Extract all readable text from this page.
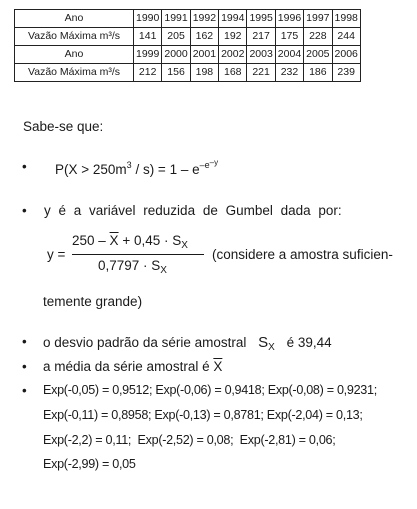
Ano	1990	1991	1992	1994	1995	1996	1997	1998
Vazão Máxima m³/s	141	205	162	192	217	175	228	244
Ano	1999	2000	2001	2002	2003	2004	2005	2006
Vazão Máxima m³/s	212	156	198	168	221	232	186	239
Sabe-se que:
• $P(X > 250m^3 / s) = 1 - e^{-e-y}$
• y é a variável reduzida de Gumbel dada por:
y =
$250 - \overline{X} + 0,45 \cdot S_X$
$0,7797 \cdot S_X$
(considere a amostra suficien-
temente grande)
• o desvio padrão da série amostral $S_X$ é 39,44
• a média da série amostral é $\overline{X}$
• Exp(-0,05) = 0,9512; Exp(-0,06) = 0,9418; Exp(-0,08) = 0,9231;
Exp(-0,11) = 0,8958; Exp(-0,13) = 0,8781; Exp(-2,04) = 0,13;
Exp(-2,2) = 0,11;  Exp(-2,52) = 0,08;  Exp(-2,81) = 0,06;
Exp(-2,99) = 0,05
